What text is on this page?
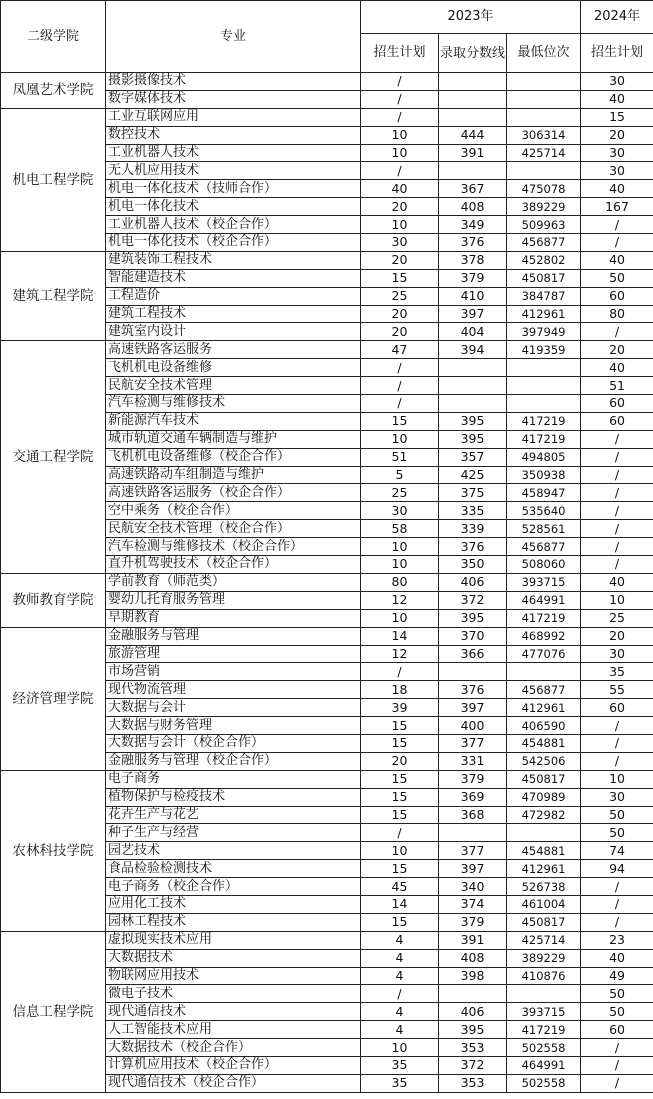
二级学院	专业	2023年			2024年
		招生计划	录取分数线	最低位次	招生计划
凤凰艺术学院	摄影摄像技术	/			30
	数字媒体技术	/			40
机电工程学院	工业互联网应用	/			15
	数控技术	10	444	306314	20
	工业机器人技术	10	391	425714	30
	无人机应用技术	/			30
	机电一体化技术（技师合作）	40	367	475078	40
	机电一体化技术	20	408	389229	167
	工业机器人技术（校企合作）	10	349	509963	/
	机电一体化技术（校企合作）	30	376	456877	/
建筑工程学院	建筑装饰工程技术	20	378	452802	40
	智能建造技术	15	379	450817	50
	工程造价	25	410	384787	60
	建筑工程技术	20	397	412961	80
	建筑室内设计	20	404	397949	/
交通工程学院	高速铁路客运服务	47	394	419359	20
	飞机机电设备维修	/			40
	民航安全技术管理	/			51
	汽车检测与维修技术	/			60
	新能源汽车技术	15	395	417219	60
	城市轨道交通车辆制造与维护	10	395	417219	/
	飞机机电设备维修（校企合作）	51	357	494805	/
	高速铁路动车组制造与维护	5	425	350938	/
	高速铁路客运服务（校企合作）	25	375	458947	/
	空中乘务（校企合作）	30	335	535640	/
	民航安全技术管理（校企合作）	58	339	528561	/
	汽车检测与维修技术（校企合作）	10	376	456877	/
	直升机驾驶技术（校企合作）	10	350	508060	/
教师教育学院	学前教育（师范类）	80	406	393715	40
	婴幼儿托育服务管理	12	372	464991	10
	早期教育	10	395	417219	25
经济管理学院	金融服务与管理	14	370	468992	20
	旅游管理	12	366	477076	30
	市场营销	/			35
	现代物流管理	18	376	456877	55
	大数据与会计	39	397	412961	60
	大数据与财务管理	15	400	406590	/
	大数据与会计（校企合作）	15	377	454881	/
	金融服务与管理（校企合作）	20	331	542506	/
农林科技学院	电子商务	15	379	450817	10
	植物保护与检疫技术	15	369	470989	30
	花卉生产与花艺	15	368	472982	50
	种子生产与经营	/			50
	园艺技术	10	377	454881	74
	食品检验检测技术	15	397	412961	94
	电子商务（校企合作）	45	340	526738	/
	应用化工技术	14	374	461004	/
	园林工程技术	15	379	450817	/
信息工程学院	虚拟现实技术应用	4	391	425714	23
	大数据技术	4	408	389229	40
	物联网应用技术	4	398	410876	49
	微电子技术	/			50
	现代通信技术	4	406	393715	50
	人工智能技术应用	4	395	417219	60
	大数据技术（校企合作）	10	353	502558	/
	计算机应用技术（校企合作）	35	372	464991	/
	现代通信技术（校企合作）	35	353	502558	/
